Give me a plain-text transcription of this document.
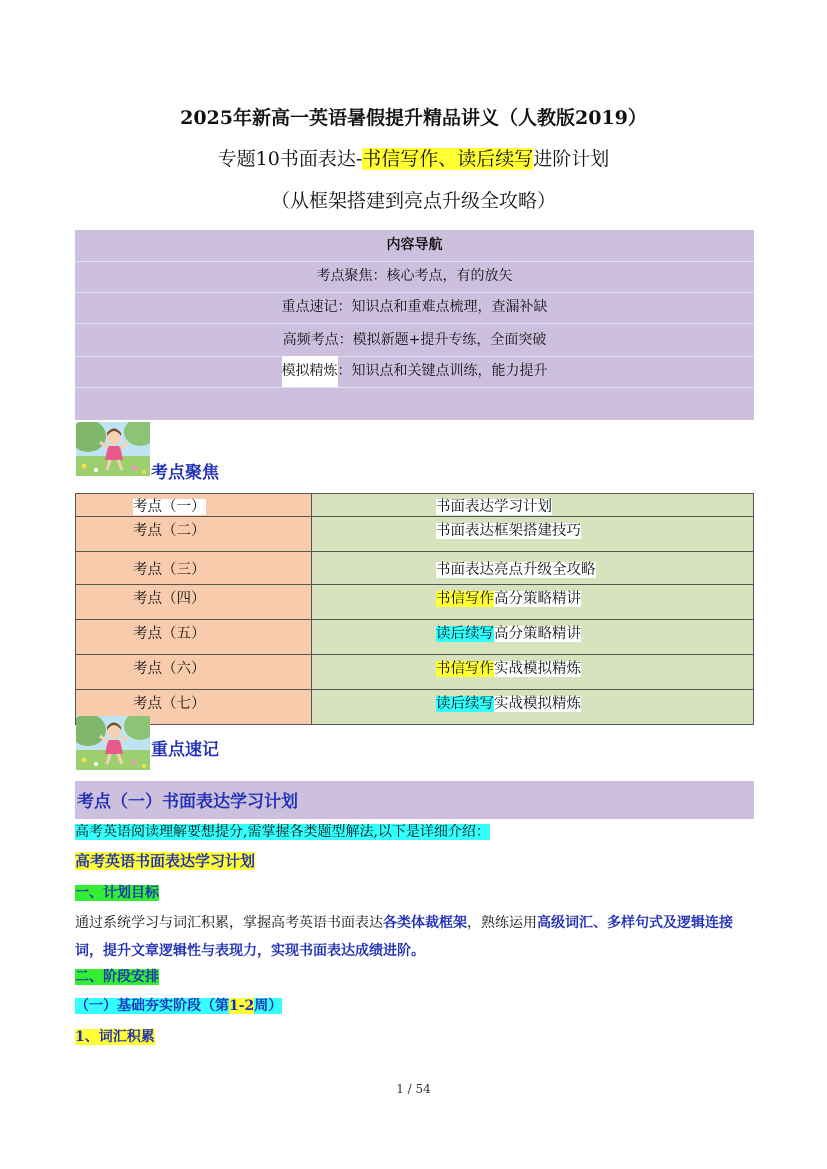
2025年新高一英语暑假提升精品讲义（人教版2019）
专题10书面表达-书信写作、读后续写进阶计划
（从框架搭建到亮点升级全攻略）
内容导航
考点聚焦：核心考点，有的放矢
重点速记：知识点和重难点梳理，查漏补缺
高频考点：模拟新题+提升专练，全面突破
模拟精炼：知识点和关键点训练，能力提升
考点聚焦
考点（一）	书面表达学习计划
考点（二）	书面表达框架搭建技巧
考点（三）	书面表达亮点升级全攻略
考点（四）	书信写作高分策略精讲
考点（五）	读后续写高分策略精讲
考点（六）	书信写作实战模拟精炼
考点（七）	读后续写实战模拟精炼
重点速记
考点（一）书面表达学习计划
高考英语阅读理解要想提分,需掌握各类题型解法,以下是详细介绍：
高考英语书面表达学习计划
一、计划目标
通过系统学习与词汇积累，掌握高考英语书面表达各类体裁框架，熟练运用高级词汇、多样句式及逻辑连接词，提升文章逻辑性与表现力，实现书面表达成绩进阶。
二、阶段安排
（一）基础夯实阶段（第1-2周）
1、词汇积累
1 / 54
